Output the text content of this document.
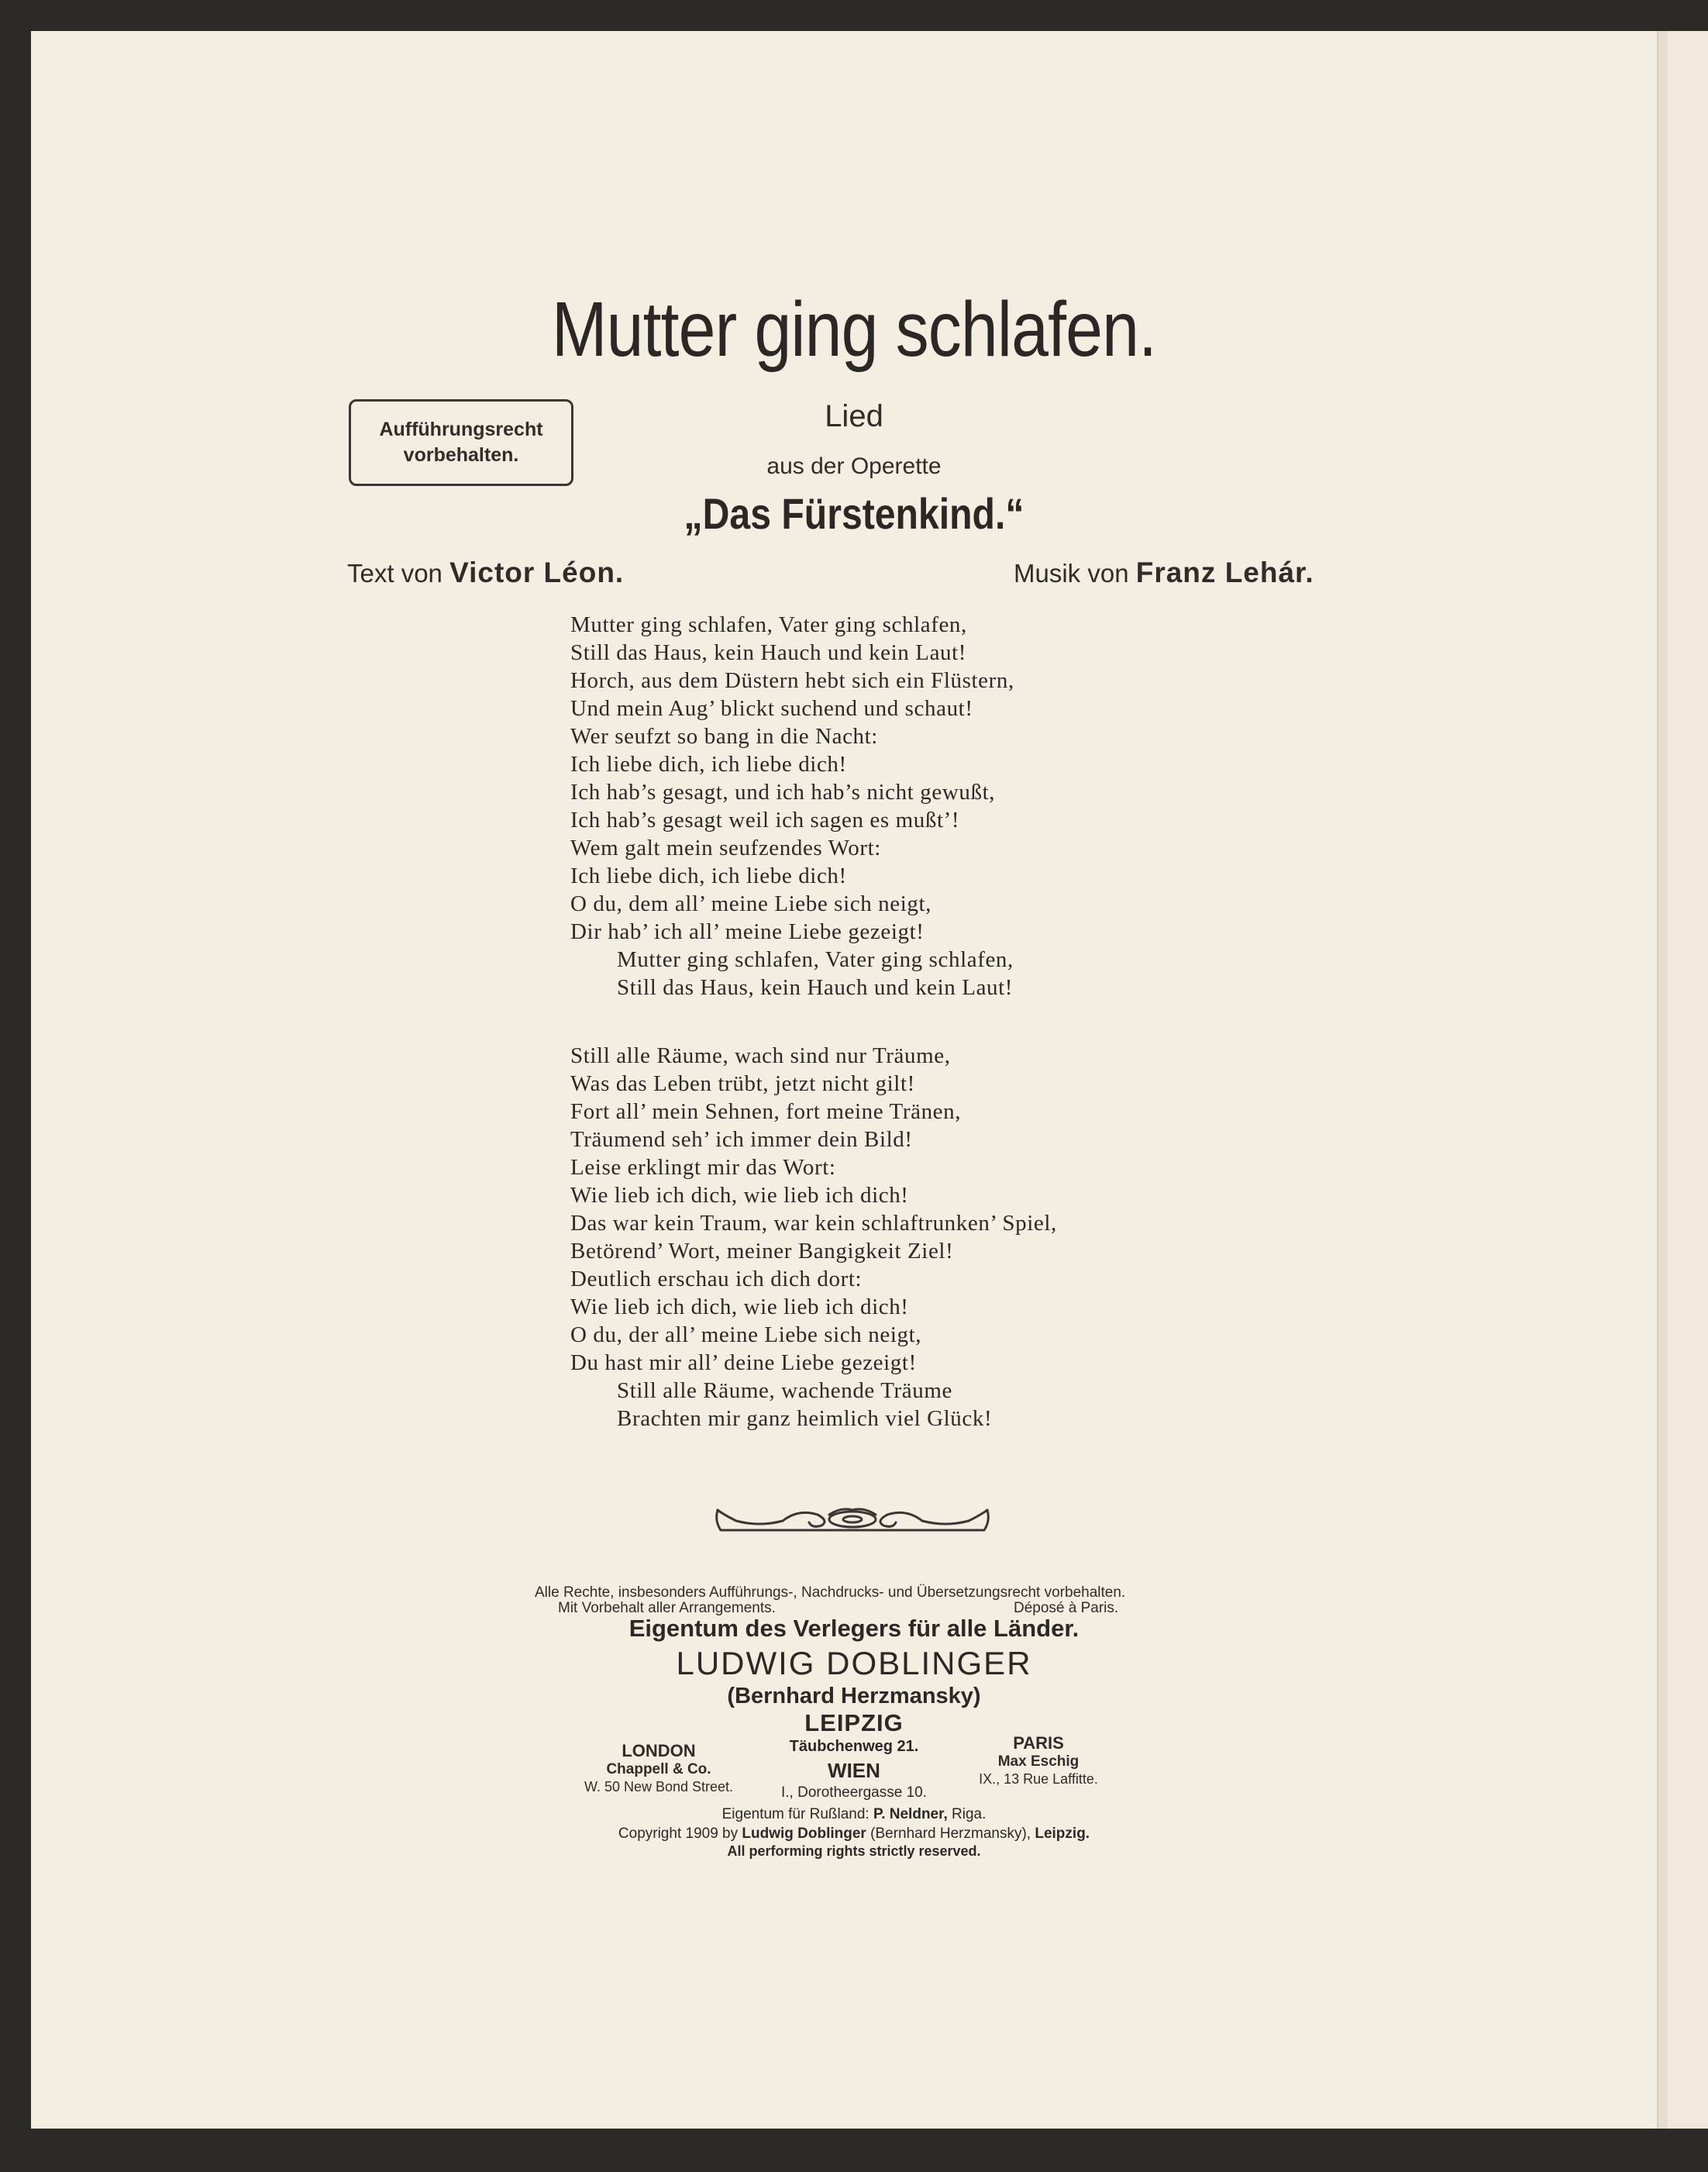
Mutter ging schlafen.
Lied
aus der Operette
„Das Fürstenkind.“
Aufführungsrecht
vorbehalten.
Text von Victor Léon.	Musik von Franz Lehár.
Mutter ging schlafen, Vater ging schlafen,
Still das Haus, kein Hauch und kein Laut!
Horch, aus dem Düstern hebt sich ein Flüstern,
Und mein Aug’ blickt suchend und schaut!
Wer seufzt so bang in die Nacht:
Ich liebe dich, ich liebe dich!
Ich hab’s gesagt, und ich hab’s nicht gewußt,
Ich hab’s gesagt weil ich sagen es mußt’!
Wem galt mein seufzendes Wort:
Ich liebe dich, ich liebe dich!
O du, dem all’ meine Liebe sich neigt,
Dir hab’ ich all’ meine Liebe gezeigt!
Mutter ging schlafen, Vater ging schlafen,
Still das Haus, kein Hauch und kein Laut!
Still alle Räume, wach sind nur Träume,
Was das Leben trübt, jetzt nicht gilt!
Fort all’ mein Sehnen, fort meine Tränen,
Träumend seh’ ich immer dein Bild!
Leise erklingt mir das Wort:
Wie lieb ich dich, wie lieb ich dich!
Das war kein Traum, war kein schlaftrunken’ Spiel,
Betörend’ Wort, meiner Bangigkeit Ziel!
Deutlich erschau ich dich dort:
Wie lieb ich dich, wie lieb ich dich!
O du, der all’ meine Liebe sich neigt,
Du hast mir all’ deine Liebe gezeigt!
Still alle Räume, wachende Träume
Brachten mir ganz heimlich viel Glück!
Alle Rechte, insbesonders Aufführungs-, Nachdrucks- und Übersetzungsrecht vorbehalten.
Mit Vorbehalt aller Arrangements.	Déposé à Paris.
Eigentum des Verlegers für alle Länder.
LUDWIG DOBLINGER
(Bernhard Herzmansky)
LEIPZIG
Täubchenweg 21.
WIEN
I., Dorotheergasse 10.
LONDON
Chappell & Co.
W. 50 New Bond Street.
PARIS
Max Eschig
IX., 13 Rue Laffitte.
Eigentum für Rußland: P. Neldner, Riga.
Copyright 1909 by Ludwig Doblinger (Bernhard Herzmansky), Leipzig.
All performing rights strictly reserved.
